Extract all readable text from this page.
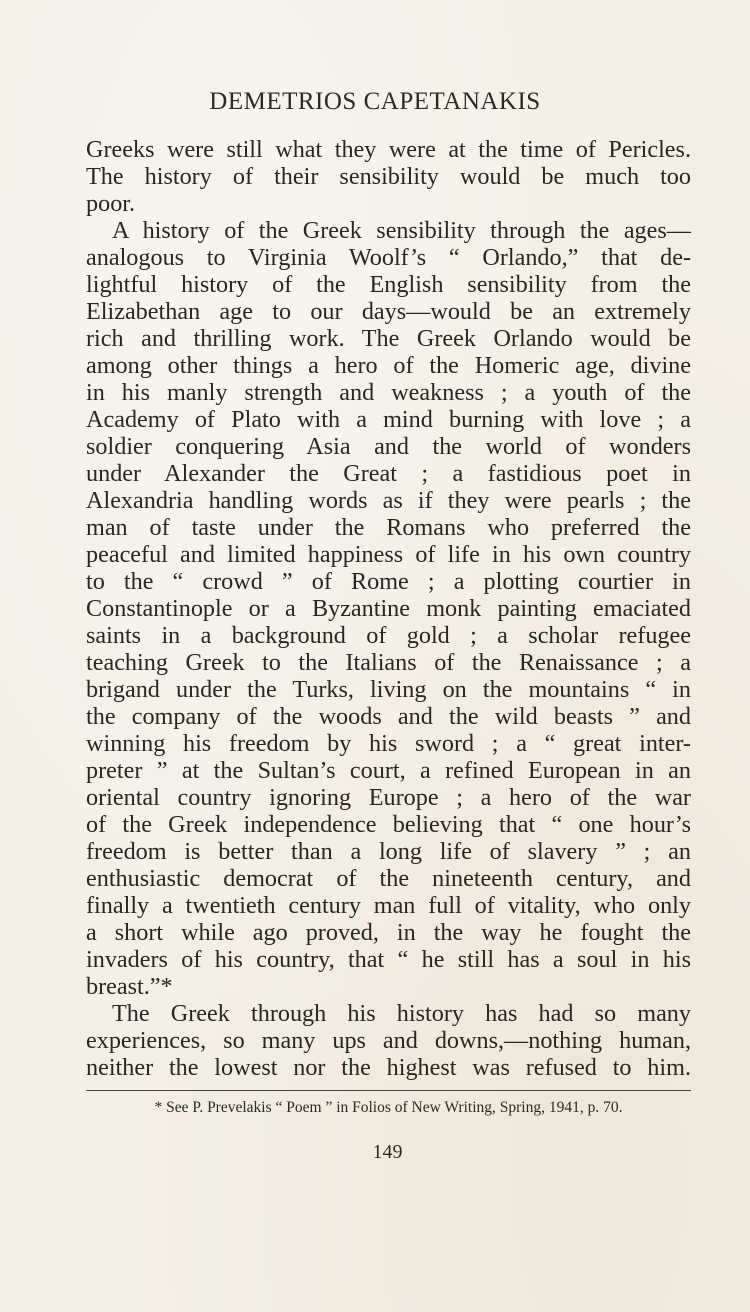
DEMETRIOS CAPETANAKIS
Greeks were still what they were at the time of Pericles.
The history of their sensibility would be much too
poor.
A history of the Greek sensibility through the ages—
analogous to Virginia Woolf’s “ Orlando,” that de-
lightful history of the English sensibility from the
Elizabethan age to our days—would be an extremely
rich and thrilling work. The Greek Orlando would be
among other things a hero of the Homeric age, divine
in his manly strength and weakness ; a youth of the
Academy of Plato with a mind burning with love ; a
soldier conquering Asia and the world of wonders
under Alexander the Great ; a fastidious poet in
Alexandria handling words as if they were pearls ; the
man of taste under the Romans who preferred the
peaceful and limited happiness of life in his own country
to the “ crowd ” of Rome ; a plotting courtier in
Constantinople or a Byzantine monk painting emaciated
saints in a background of gold ; a scholar refugee
teaching Greek to the Italians of the Renaissance ; a
brigand under the Turks, living on the mountains “ in
the company of the woods and the wild beasts ” and
winning his freedom by his sword ; a “ great inter-
preter ” at the Sultan’s court, a refined European in an
oriental country ignoring Europe ; a hero of the war
of the Greek independence believing that “ one hour’s
freedom is better than a long life of slavery ” ; an
enthusiastic democrat of the nineteenth century, and
finally a twentieth century man full of vitality, who only
a short while ago proved, in the way he fought the
invaders of his country, that “ he still has a soul in his
breast.”*
The Greek through his history has had so many
experiences, so many ups and downs,—nothing human,
neither the lowest nor the highest was refused to him.
* See P. Prevelakis “ Poem ” in Folios of New Writing, Spring, 1941, p. 70.
149
